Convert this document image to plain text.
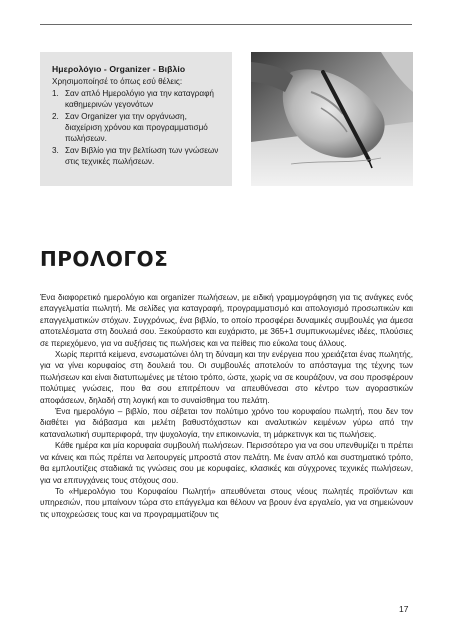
Ημερολόγιο - Organizer - Βιβλίο
Χρησιμοποίησέ το όπως εσύ θέλεις:
1. Σαν απλό Ημερολόγιο για την καταγραφή καθημερινών γεγονότων
2. Σαν Organizer για την οργάνωση, διαχείριση χρόνου και προγραμματισμό πωλήσεων.
3. Σαν Βιβλίο για την βελτίωση των γνώσεων στις τεχνικές πωλήσεων.
ΠΡΟΛΟΓΟΣ

Ένα διαφορετικό ημερολόγιο και organizer πωλήσεων, με ειδική γραμμογράφηση για τις ανάγκες ενός επαγγελματία πωλητή. Με σελίδες για καταγραφή, προγραμματισμό και απολογισμό προσωπικών και επαγγελματικών στόχων. Συγχρόνως, ένα βιβλίο, το οποίο προσφέρει δυναμικές συμβουλές για άμεσα αποτελέσματα στη δουλειά σου. Ξεκούραστο και ευχάριστο, με 365+1 συμπυκνωμένες ιδέες, πλούσιες σε περιεχόμενο, για να αυξήσεις τις πωλήσεις και να πείθεις πιο εύκολα τους άλλους.

Χωρίς περιττά κείμενα, ενσωματώνει όλη τη δύναμη και την ενέργεια που χρειάζεται ένας πωλητής, για να γίνει κορυφαίος στη δουλειά του. Οι συμβουλές αποτελούν το απόσταγμα της τέχνης των πωλήσεων και είναι διατυπωμένες με τέτοιο τρόπο, ώστε, χωρίς να σε κουράζουν, να σου προσφέρουν πολύτιμες γνώσεις, που θα σου επιτρέπουν να απευθύνεσαι στο κέντρο των αγοραστικών αποφάσεων, δηλαδή στη λογική και το συναίσθημα του πελάτη.

Ένα ημερολόγιο – βιβλίο, που σέβεται τον πολύτιμο χρόνο του κορυφαίου πωλητή, που δεν τον διαθέτει για διάβασμα και μελέτη βαθυστόχαστων και αναλυτικών κειμένων γύρω από την καταναλωτική συμπεριφορά, την ψυχολογία, την επικοινωνία, τη μάρκετινγκ και τις πωλήσεις.

Κάθε ημέρα και μία κορυφαία συμβουλή πωλήσεων. Περισσότερο για να σου υπενθυμίζει τι πρέπει να κάνεις και πώς πρέπει να λειτουργείς μπροστά στον πελάτη. Με έναν απλό και συστηματικό τρόπο, θα εμπλουτίζεις σταδιακά τις γνώσεις σου με κορυφαίες, κλασικές και σύγχρονες τεχνικές πωλήσεων, για να επιτυγχάνεις τους στόχους σου.

Το «Ημερολόγιο του Κορυφαίου Πωλητή» απευθύνεται στους νέους πωλητές προϊόντων και υπηρεσιών, που μπαίνουν τώρα στο επάγγελμα και θέλουν να βρουν ένα εργαλείο, για να σημειώνουν τις υποχρεώσεις τους και να προγραμματίζουν τις

17
